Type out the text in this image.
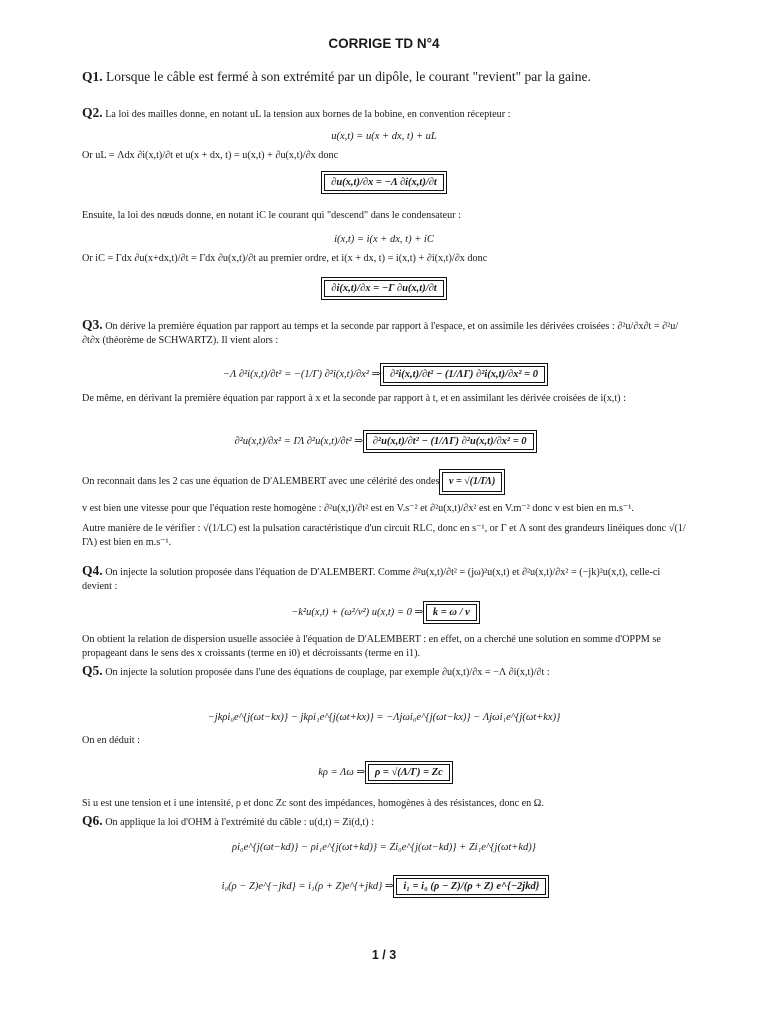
CORRIGE TD N°4
Q1. Lorsque le câble est fermé à son extrémité par un dipôle, le courant "revient" par la gaine.
Q2. La loi des mailles donne, en notant uL la tension aux bornes de la bobine, en convention récepteur :
u(x,t) = u(x + dx, t) + uL
Or uL = Λdx ∂i(x,t)/∂t et u(x + dx, t) = u(x,t) + ∂u(x,t)/∂x donc
∂u(x,t)/∂x = −Λ ∂i(x,t)/∂t
Ensuite, la loi des nœuds donne, en notant iC le courant qui "descend" dans le condensateur :
i(x,t) = i(x + dx, t) + iC
Or iC = Γdx ∂u(x+dx,t)/∂t = Γdx ∂u(x,t)/∂t au premier ordre, et i(x + dx, t) = i(x,t) + ∂i(x,t)/∂x donc
∂i(x,t)/∂x = −Γ ∂u(x,t)/∂t
Q3. On dérive la première équation par rapport au temps et la seconde par rapport à l'espace, et on assimile les dérivées croisées : ∂²u/∂x∂t = ∂²u/∂t∂x (théorème de SCHWARTZ). Il vient alors :
−Λ ∂²i(x,t)/∂t² = −(1/Γ) ∂²i(x,t)/∂x² ⇒ ∂²i(x,t)/∂t² − (1/ΛΓ) ∂²i(x,t)/∂x² = 0
De même, en dérivant la première équation par rapport à x et la seconde par rapport à t, et en assimilant les dérivée croisées de i(x,t) :
∂²u(x,t)/∂x² = ΓΛ ∂²u(x,t)/∂t² ⇒ ∂²u(x,t)/∂t² − (1/ΛΓ) ∂²u(x,t)/∂x² = 0
On reconnait dans les 2 cas une équation de D'ALEMBERT avec une célérité des ondes v = √(1/ΓΛ)
v est bien une vitesse pour que l'équation reste homogène : ∂²u(x,t)/∂t² est en V.s⁻² et ∂²u(x,t)/∂x² est en V.m⁻² donc v est bien en m.s⁻¹.
Autre manière de le vérifier : √(1/LC) est la pulsation caractéristique d'un circuit RLC, donc en s⁻¹, or Γ et Λ sont des grandeurs linéiques donc √(1/ΓΛ) est bien en m.s⁻¹.
Q4. On injecte la solution proposée dans l'équation de D'ALEMBERT. Comme ∂²u(x,t)/∂t² = (jω)²u(x,t) et ∂²u(x,t)/∂x² = (−jk)²u(x,t), celle-ci devient :
−k²u(x,t) + (ω²/v²) u(x,t) = 0 ⇒ k = ω / v
On obtient la relation de dispersion usuelle associée à l'équation de D'ALEMBERT : en effet, on a cherché une solution en somme d'OPPM se propageant dans le sens des x croissants (terme en i0) et décroissants (terme en i1).
Q5. On injecte la solution proposée dans l'une des équations de couplage, par exemple ∂u(x,t)/∂x = −Λ ∂i(x,t)/∂t :
−jkρi₀e^{j(ωt−kx)} − jkρi₁e^{j(ωt+kx)} = −Λjωi₀e^{j(ωt−kx)} − Λjωi₁e^{j(ωt+kx)}
On en déduit :
kρ = Λω ⇒ ρ = √(Λ/Γ) = Zc
Si u est une tension et i une intensité, ρ et donc Zc sont des impédances, homogènes à des résistances, donc en Ω.
Q6. On applique la loi d'OHM à l'extrémité du câble : u(d,t) = Zi(d,t) :
ρi₀e^{j(ωt−kd)} − ρi₁e^{j(ωt+kd)} = Zi₀e^{j(ωt−kd)} + Zi₁e^{j(ωt+kd)}
i₀(ρ − Z)e^{−jkd} = i₁(ρ + Z)e^{+jkd} ⇒ i₁ = i₀ (ρ − Z)/(ρ + Z) e^{−2jkd}
1 / 3
